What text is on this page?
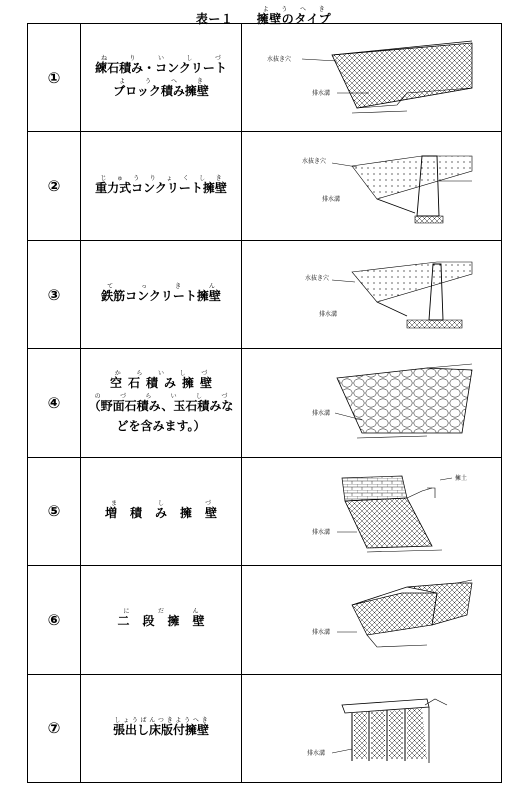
表ー１ 擁壁のタイプようへき
①	練石積み・コンクリートねりいしづ
ブロック積み擁壁ようへき	水抜き穴
排水溝

②	重力式コンクリート擁壁じゅうりょくしき	水抜き穴
排水溝

③	鉄筋コンクリート擁壁てっきん	水抜き穴
排水溝

④	空石積み擁壁からいしづ
（野面石積み、玉石積みなのづらいしづ
どを含みます。）	排水溝

⑤	増積み擁壁ましづ	擁土
排水溝

⑥	二段擁壁にだん	排水溝

⑦	張出し床版付擁壁しょうばんつきようへき	排水溝
